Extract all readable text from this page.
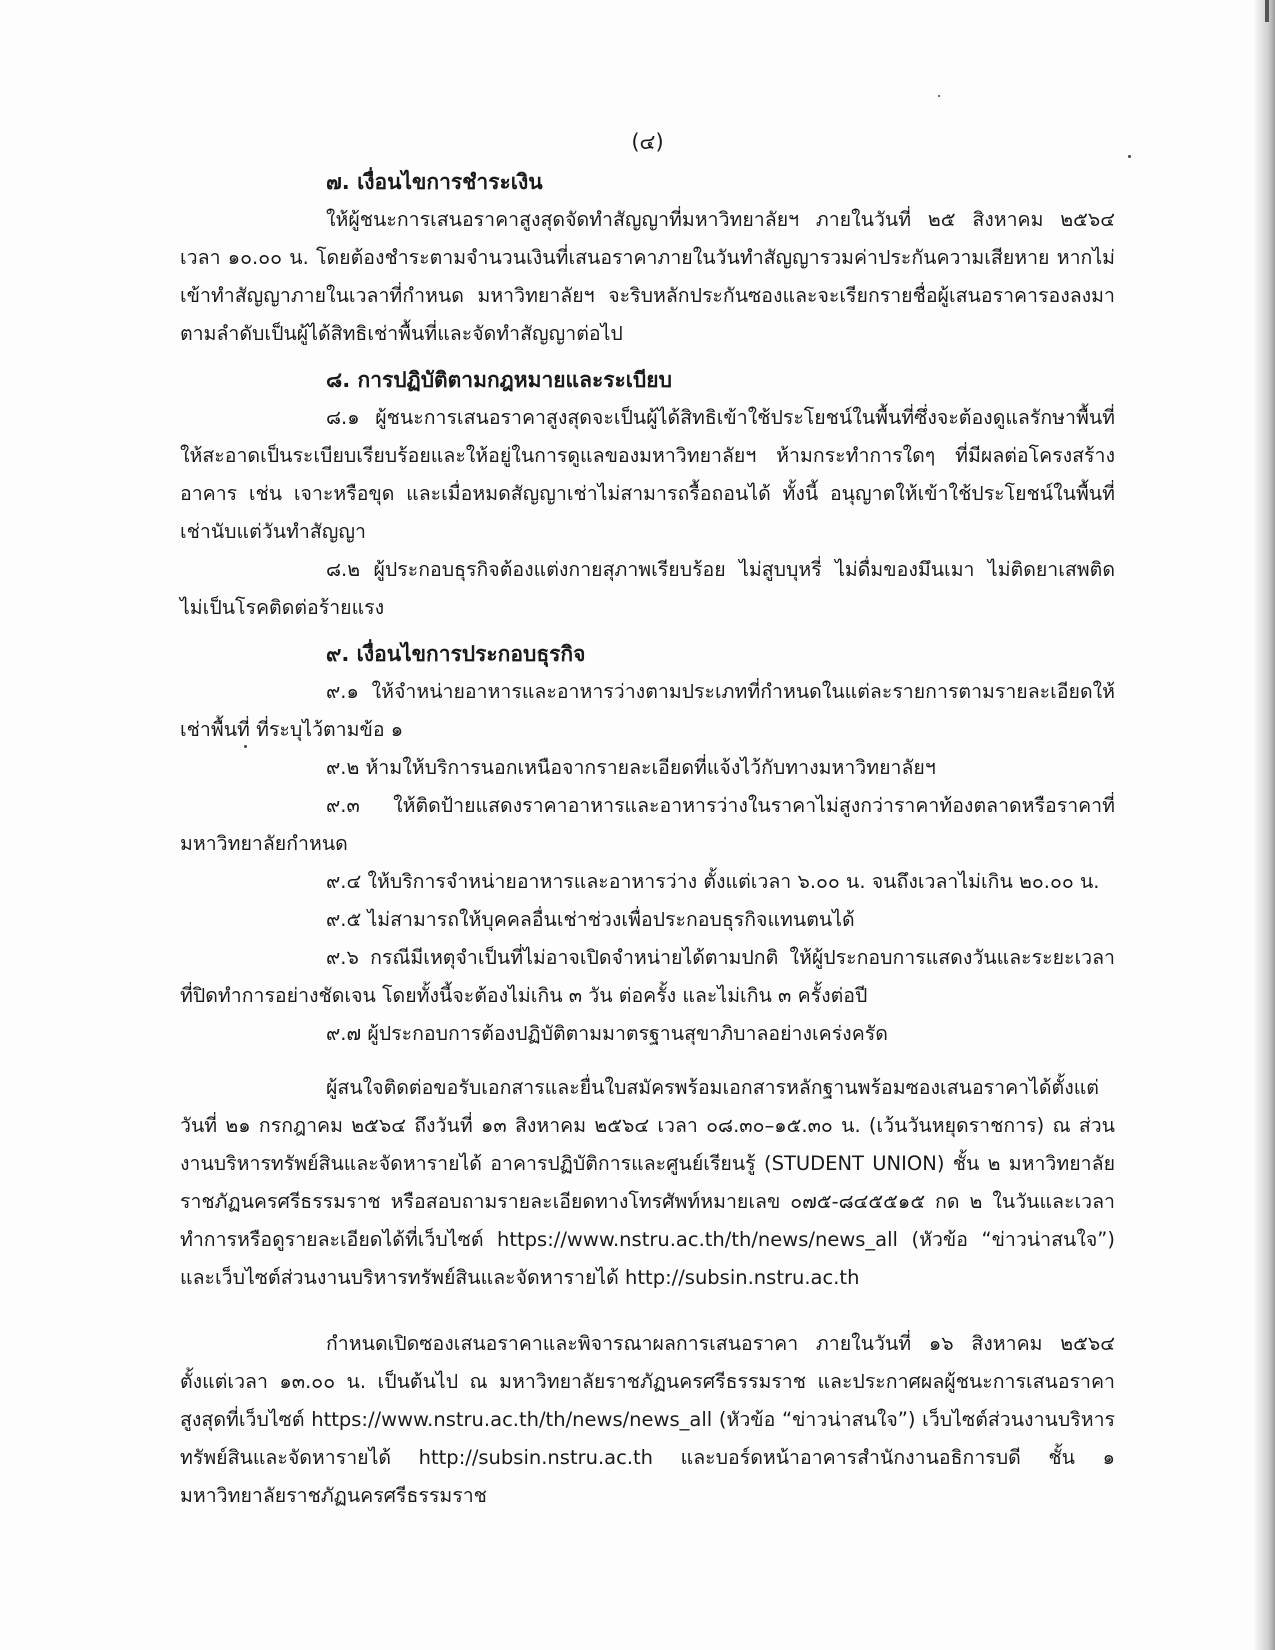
(๔)

๗. เงื่อนไขการชำระเงิน

ให้ผู้ชนะการเสนอราคาสูงสุดจัดทำสัญญาที่มหาวิทยาลัยฯ ภายในวันที่ ๒๕ สิงหาคม ๒๕๖๔ เวลา ๑๐.๐๐ น. โดยต้องชำระตามจำนวนเงินที่เสนอราคาภายในวันทำสัญญารวมค่าประกันความเสียหาย หากไม่เข้าทำสัญญาภายในเวลาที่กำหนด มหาวิทยาลัยฯ จะริบหลักประกันซองและจะเรียกรายชื่อผู้เสนอราคารองลงมาตามลำดับเป็นผู้ได้สิทธิเช่าพื้นที่และจัดทำสัญญาต่อไป

๘. การปฏิบัติตามกฎหมายและระเบียบ

๘.๑ ผู้ชนะการเสนอราคาสูงสุดจะเป็นผู้ได้สิทธิเข้าใช้ประโยชน์ในพื้นที่ซึ่งจะต้องดูแลรักษาพื้นที่ให้สะอาดเป็นระเบียบเรียบร้อยและให้อยู่ในการดูแลของมหาวิทยาลัยฯ ห้ามกระทำการใดๆ ที่มีผลต่อโครงสร้างอาคาร เช่น เจาะหรือขุด และเมื่อหมดสัญญาเช่าไม่สามารถรื้อถอนได้ ทั้งนี้ อนุญาตให้เข้าใช้ประโยชน์ในพื้นที่เช่านับแต่วันทำสัญญา

๘.๒ ผู้ประกอบธุรกิจต้องแต่งกายสุภาพเรียบร้อย ไม่สูบบุหรี่ ไม่ดื่มของมึนเมา ไม่ติดยาเสพติด ไม่เป็นโรคติดต่อร้ายแรง

๙. เงื่อนไขการประกอบธุรกิจ

๙.๑ ให้จำหน่ายอาหารและอาหารว่างตามประเภทที่กำหนดในแต่ละรายการตามรายละเอียดให้เช่าพื้นที่ ที่ระบุไว้ตามข้อ ๑

๙.๒ ห้ามให้บริการนอกเหนือจากรายละเอียดที่แจ้งไว้กับทางมหาวิทยาลัยฯ

๙.๓ ให้ติดป้ายแสดงราคาอาหารและอาหารว่างในราคาไม่สูงกว่าราคาท้องตลาดหรือราคาที่มหาวิทยาลัยกำหนด

๙.๔ ให้บริการจำหน่ายอาหารและอาหารว่าง ตั้งแต่เวลา ๖.๐๐ น. จนถึงเวลาไม่เกิน ๒๐.๐๐ น.

๙.๕ ไม่สามารถให้บุคคลอื่นเช่าช่วงเพื่อประกอบธุรกิจแทนตนได้

๙.๖ กรณีมีเหตุจำเป็นที่ไม่อาจเปิดจำหน่ายได้ตามปกติ ให้ผู้ประกอบการแสดงวันและระยะเวลาที่ปิดทำการอย่างชัดเจน โดยทั้งนี้จะต้องไม่เกิน ๓ วัน ต่อครั้ง และไม่เกิน ๓ ครั้งต่อปี

๙.๗ ผู้ประกอบการต้องปฏิบัติตามมาตรฐานสุขาภิบาลอย่างเคร่งครัด

ผู้สนใจติดต่อขอรับเอกสารและยื่นใบสมัครพร้อมเอกสารหลักฐานพร้อมซองเสนอราคาได้ตั้งแต่วันที่ ๒๑ กรกฎาคม ๒๕๖๔ ถึงวันที่ ๑๓ สิงหาคม ๒๕๖๔ เวลา ๐๘.๓๐–๑๕.๓๐ น. (เว้นวันหยุดราชการ) ณ ส่วนงานบริหารทรัพย์สินและจัดหารายได้ อาคารปฏิบัติการและศูนย์เรียนรู้ (STUDENT UNION) ชั้น ๒ มหาวิทยาลัยราชภัฏนครศรีธรรมราช หรือสอบถามรายละเอียดทางโทรศัพท์หมายเลข ๐๗๕-๘๔๕๕๑๕ กด ๒ ในวันและเวลาทำการหรือดูรายละเอียดได้ที่เว็บไซต์ https://www.nstru.ac.th/th/news/news_all (หัวข้อ “ข่าวน่าสนใจ”) และเว็บไซต์ส่วนงานบริหารทรัพย์สินและจัดหารายได้ http://subsin.nstru.ac.th

กำหนดเปิดซองเสนอราคาและพิจารณาผลการเสนอราคา ภายในวันที่ ๑๖ สิงหาคม ๒๕๖๔ ตั้งแต่เวลา ๑๓.๐๐ น. เป็นต้นไป ณ มหาวิทยาลัยราชภัฏนครศรีธรรมราช และประกาศผลผู้ชนะการเสนอราคาสูงสุดที่เว็บไซต์ https://www.nstru.ac.th/th/news/news_all (หัวข้อ “ข่าวน่าสนใจ”) เว็บไซต์ส่วนงานบริหารทรัพย์สินและจัดหารายได้ http://subsin.nstru.ac.th และบอร์ดหน้าอาคารสำนักงานอธิการบดี ชั้น ๑ มหาวิทยาลัยราชภัฏนครศรีธรรมราช
